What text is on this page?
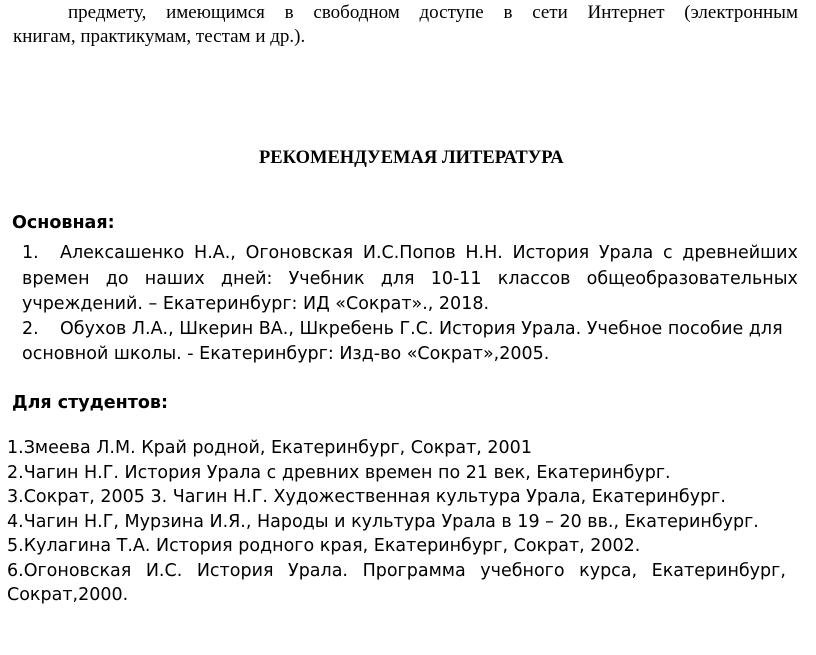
предмету, имеющимся в свободном доступе в сети Интернет (электронным
книгам, практикумам, тестам и др.).
РЕКОМЕНДУЕМАЯ ЛИТЕРАТУРА
Основная:
1. Алексашенко Н.А., Огоновская И.С.Попов Н.Н. История Урала с древнейших
времен до наших дней: Учебник для 10-11 классов общеобразовательных
учреждений. – Екатеринбург: ИД «Сократ»., 2018.
2. Обухов Л.А., Шкерин ВА., Шкребень Г.С. История Урала. Учебное пособие для
основной школы. - Екатеринбург: Изд-во «Сократ»,2005.
Для студентов:
1.Змеева Л.М. Край родной, Екатеринбург, Сократ, 2001
2.Чагин Н.Г. История Урала с древних времен по 21 век, Екатеринбург.
3.Сократ, 2005 3. Чагин Н.Г. Художественная культура Урала, Екатеринбург.
4.Чагин Н.Г, Мурзина И.Я., Народы и культура Урала в 19 – 20 вв., Екатеринбург.
5.Кулагина Т.А. История родного края, Екатеринбург, Сократ, 2002.
6.Огоновская И.С. История Урала. Программа учебного курса, Екатеринбург,
Сократ,2000.
